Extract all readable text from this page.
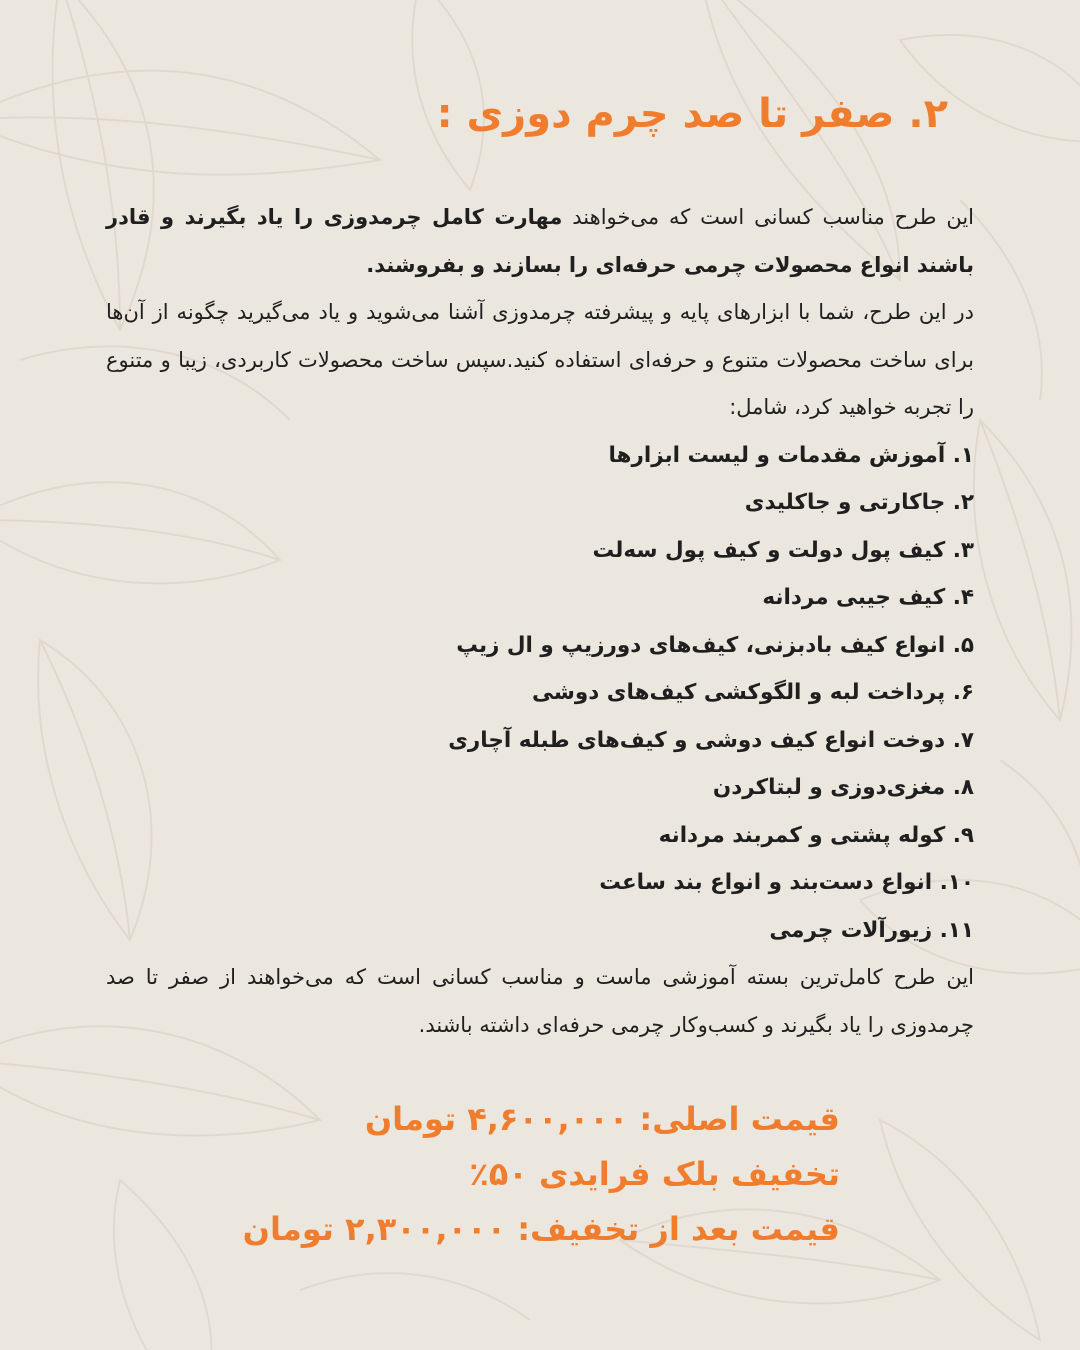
۲. صفر تا صد چرم دوزی :

این طرح مناسب کسانی است که می‌خواهند مهارت کامل چرمدوزی را یاد بگیرند و قادر باشند انواع محصولات چرمی حرفه‌ای را بسازند و بفروشند.

در این طرح، شما با ابزارهای پایه و پیشرفته چرمدوزی آشنا می‌شوید و یاد می‌گیرید چگونه از آن‌ها برای ساخت محصولات متنوع و حرفه‌ای استفاده کنید.سپس ساخت محصولات کاربردی، زیبا و متنوع را تجربه خواهید کرد، شامل:

۱. آموزش مقدمات و لیست ابزارها
۲. جاکارتی و جاکلیدی
۳. کیف پول دولت و کیف پول سه‌لت
۴. کیف جیبی مردانه
۵. انواع کیف بادبزنی، کیف‌های دورزیپ و ال زیپ
۶. پرداخت لبه و الگوکشی کیف‌های دوشی
۷. دوخت انواع کیف دوشی و کیف‌های طبله آچاری
۸. مغزی‌دوزی و لبتاکردن
۹. کوله پشتی و کمربند مردانه
۱۰. انواع دست‌بند و انواع بند ساعت
۱۱. زیورآلات چرمی

این طرح کامل‌ترین بسته آموزشی ماست و مناسب کسانی است که می‌خواهند از صفر تا صد چرمدوزی را یاد بگیرند و کسب‌وکار چرمی حرفه‌ای داشته باشند.

قیمت اصلی: ۴,۶۰۰,۰۰۰ تومان
تخفیف بلک فرایدی ۵۰٪
قیمت بعد از تخفیف: ۲,۳۰۰,۰۰۰ تومان
